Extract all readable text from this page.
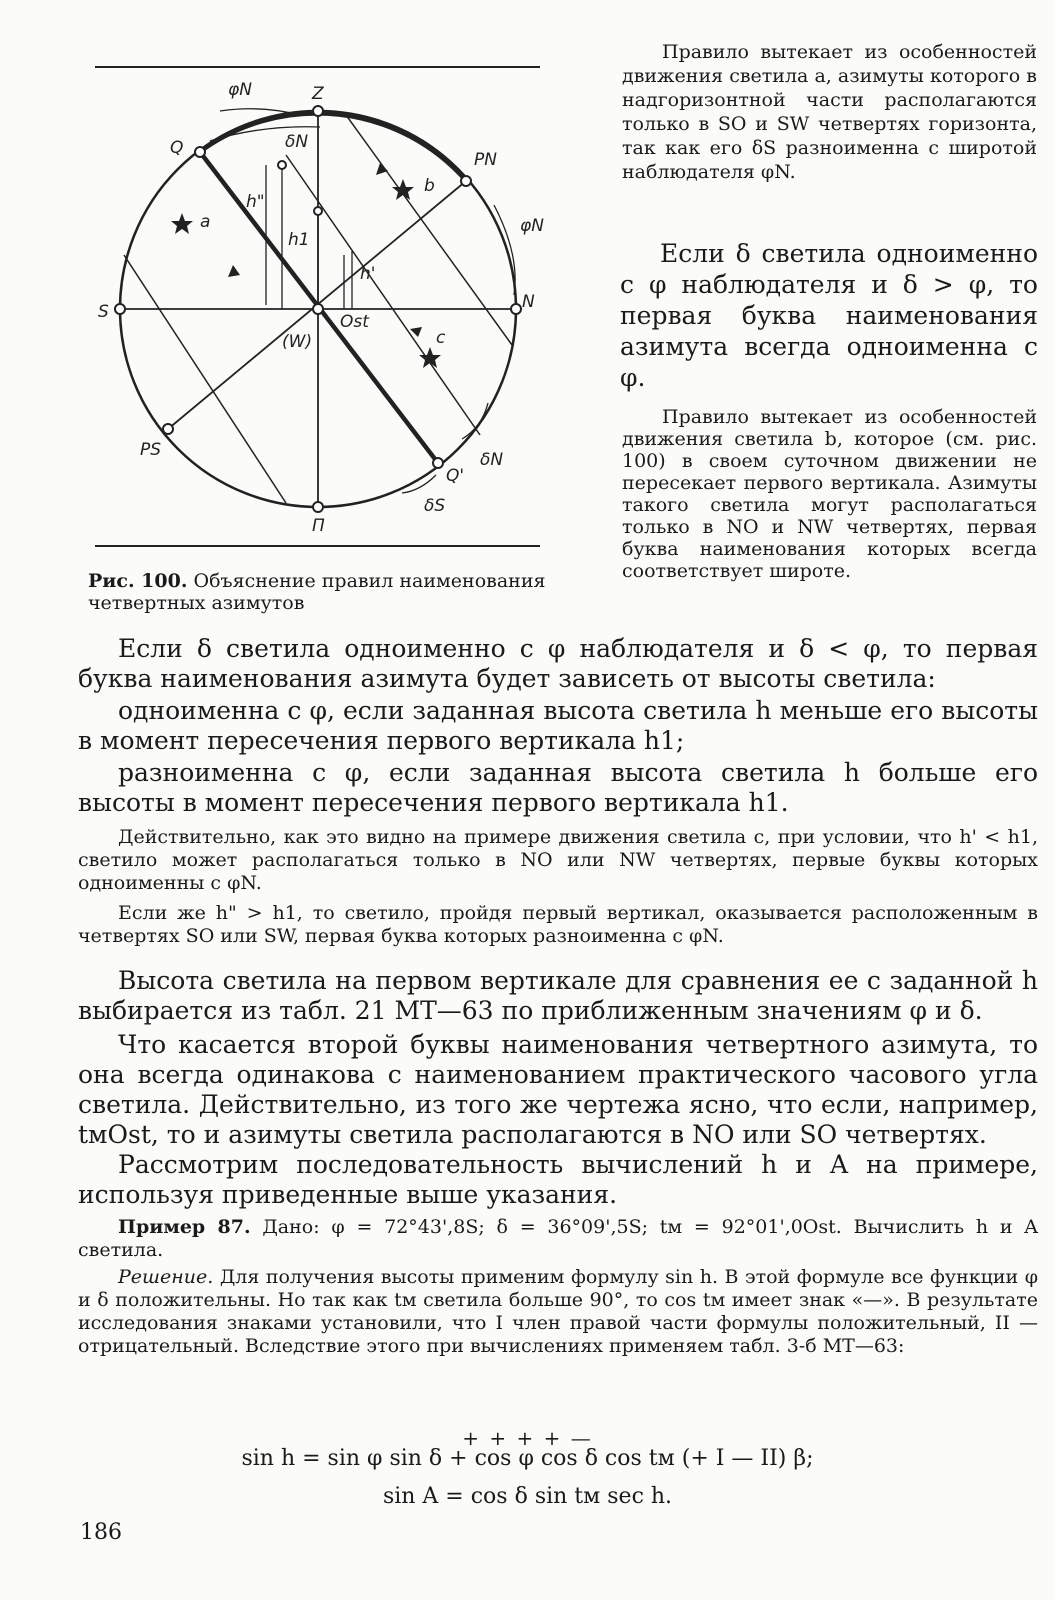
φN	Z
Q	δN
PN
φN
b
a
h"
h1
h'
S	N
Ost
(W)	c
PS
Q'
δN
δS
П
Рис. 100. Объяснение правил наименования четвертных азимутов

Правило вытекает из особенностей движения светила a, азимуты которого в надгоризонтной части располагаются только в SO и SW четвертях горизонта, так как его δS разноименна с широтой наблюдателя φN.

Если δ светила одноименно с φ наблюдателя и δ > φ, то первая буква наименования азимута всегда одноименна с φ.

Правило вытекает из особенностей движения светила b, которое (см. рис. 100) в своем суточном движении не пересекает первого вертикала. Азимуты такого светила могут располагаться только в NO и NW четвертях, первая буква наименования которых всегда соответствует широте.

Если δ светила одноименно с φ наблюдателя и δ < φ, то первая буква наименования азимута будет зависеть от высоты светила:

одноименна с φ, если заданная высота светила h меньше его высоты в момент пересечения первого вертикала h1;

разноименна с φ, если заданная высота светила h больше его высоты в момент пересечения первого вертикала h1.

Действительно, как это видно на примере движения светила c, при условии, что h' < h1, светило может располагаться только в NO или NW четвертях, первые буквы которых одноименны с φN.

Если же h" > h1, то светило, пройдя первый вертикал, оказывается расположенным в четвертях SO или SW, первая буква которых разноименна с φN.

Высота светила на первом вертикале для сравнения ее с заданной h выбирается из табл. 21 МТ—63 по приближенным значениям φ и δ.

Что касается второй буквы наименования четвертного азимута, то она всегда одинакова с наименованием практического часового угла светила. Действительно, из того же чертежа ясно, что если, например, tмOst, то и азимуты светила располагаются в NO или SO четвертях.

Рассмотрим последовательность вычислений h и A на примере, используя приведенные выше указания.

Пример 87. Дано: φ = 72°43',8S; δ = 36°09',5S; tм = 92°01',0Ost. Вычислить h и A светила.

Решение. Для получения высоты применим формулу sin h. В этой формуле все функции φ и δ положительны. Но так как tм светила больше 90°, то cos tм имеет знак «—». В результате исследования знаками установили, что I член правой части формулы положительный, II — отрицательный. Вследствие этого при вычислениях применяем табл. 3-б МТ—63:

+ + + + —
sin h = sin φ sin δ + cos φ cos δ cos tм (+ I — II) β;
sin A = cos δ sin tм sec h.
186
